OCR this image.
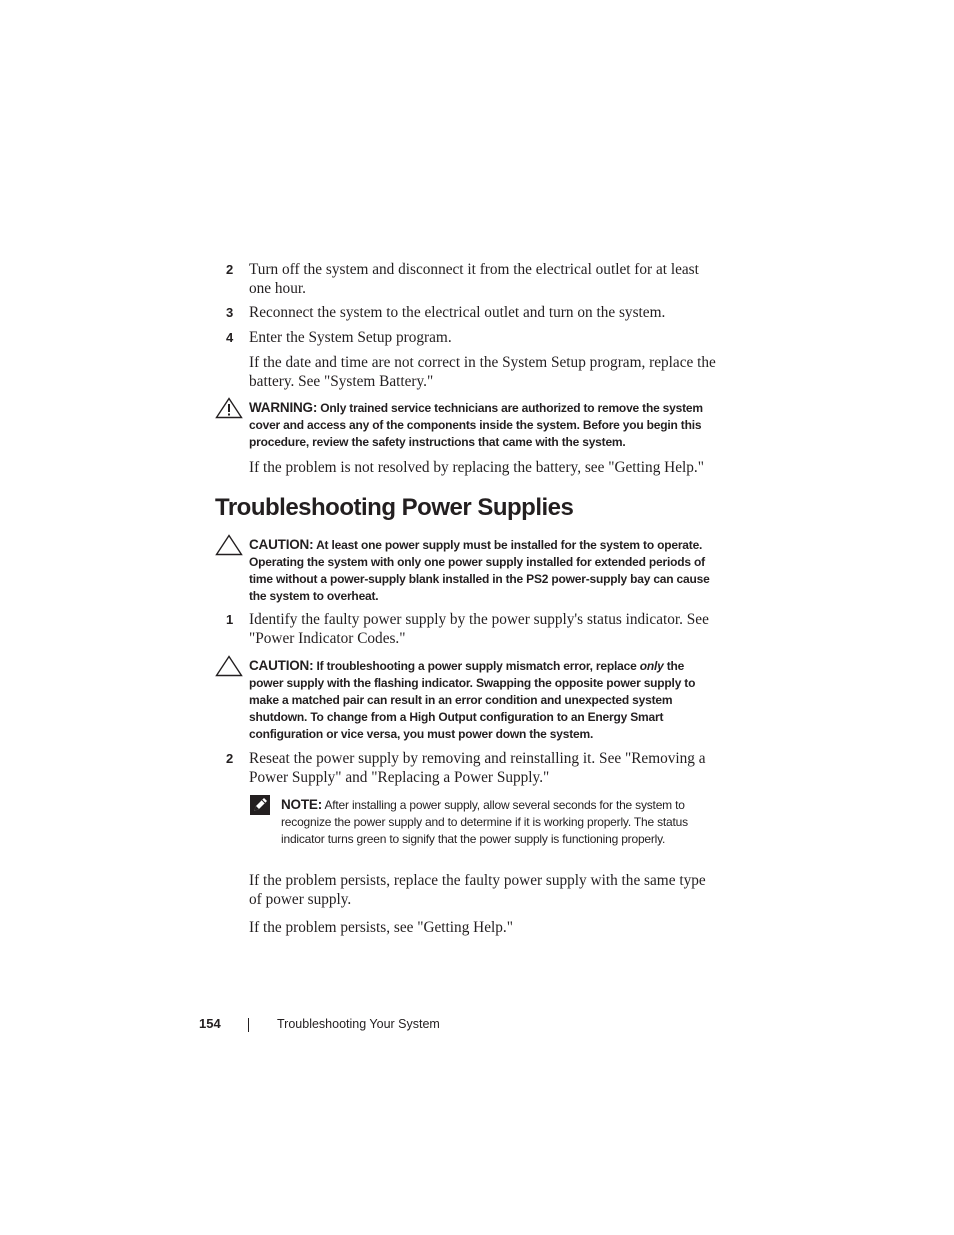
2 Turn off the system and disconnect it from the electrical outlet for at least one hour.

3 Reconnect the system to the electrical outlet and turn on the system.

4 Enter the System Setup program.

If the date and time are not correct in the System Setup program, replace the battery. See "System Battery."

WARNING: Only trained service technicians are authorized to remove the system cover and access any of the components inside the system. Before you begin this procedure, review the safety instructions that came with the system.

If the problem is not resolved by replacing the battery, see "Getting Help."

Troubleshooting Power Supplies

CAUTION: At least one power supply must be installed for the system to operate. Operating the system with only one power supply installed for extended periods of time without a power-supply blank installed in the PS2 power-supply bay can cause the system to overheat.

1 Identify the faulty power supply by the power supply's status indicator. See "Power Indicator Codes."

CAUTION: If troubleshooting a power supply mismatch error, replace only the power supply with the flashing indicator. Swapping the opposite power supply to make a matched pair can result in an error condition and unexpected system shutdown. To change from a High Output configuration to an Energy Smart configuration or vice versa, you must power down the system.

2 Reseat the power supply by removing and reinstalling it. See "Removing a Power Supply" and "Replacing a Power Supply."

NOTE: After installing a power supply, allow several seconds for the system to recognize the power supply and to determine if it is working properly. The status indicator turns green to signify that the power supply is functioning properly.

If the problem persists, replace the faulty power supply with the same type of power supply.

If the problem persists, see "Getting Help."

154	Troubleshooting Your System
